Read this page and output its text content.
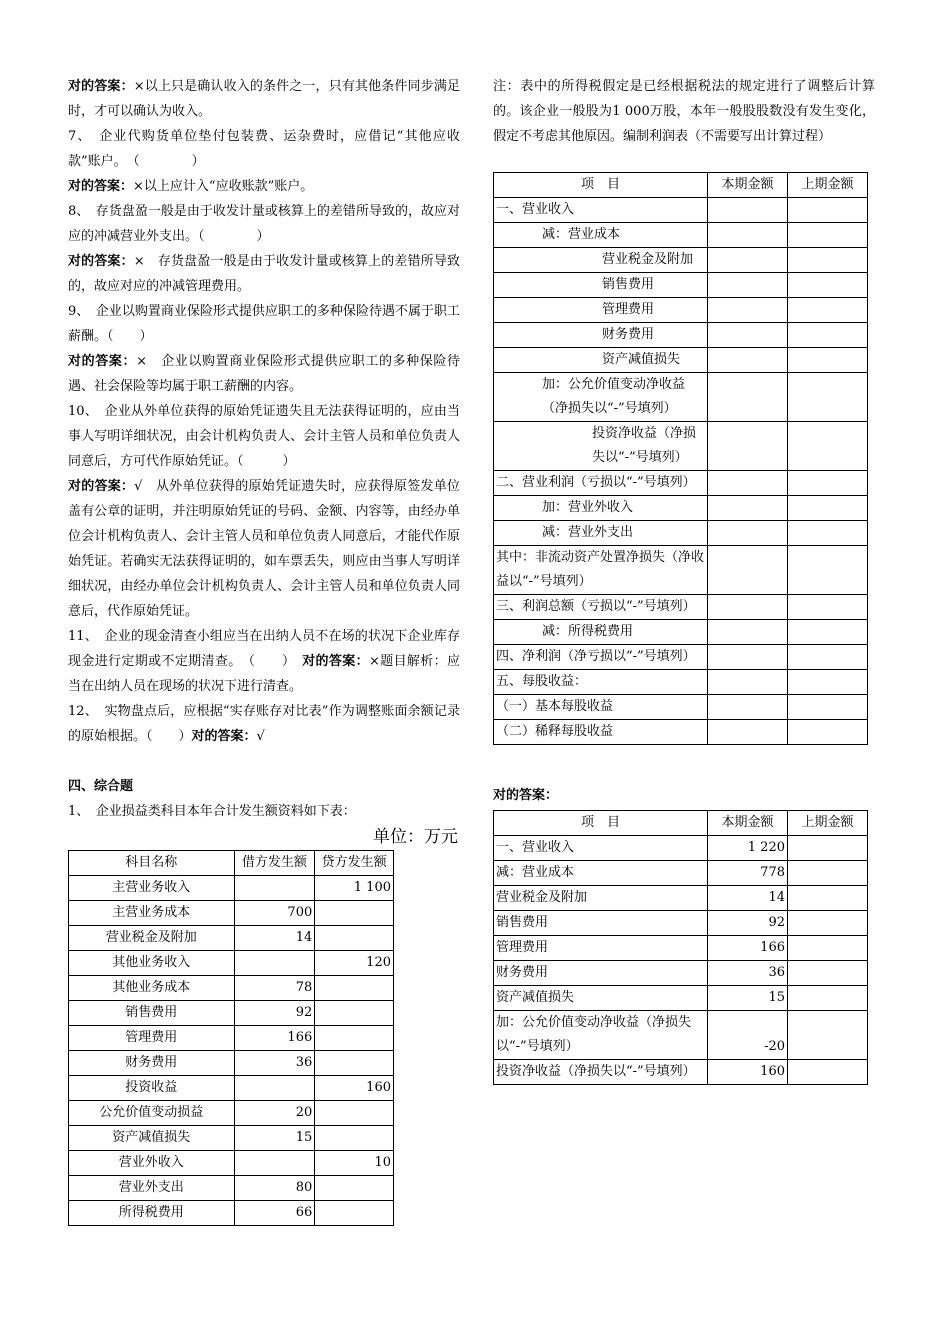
对的答案：×以上只是确认收入的条件之一，只有其他条件同步满足时，才可以确认为收入。

7、　企业代购货单位垫付包装费、运杂费时，应借记“其他应收款”账户。　（　　　　）

对的答案：×以上应计入“应收账款”账户。

8、　存货盘盈一般是由于收发计量或核算上的差错所导致的，故应对应的冲减营业外支出。（　　　　）

对的答案：×　存货盘盈一般是由于收发计量或核算上的差错所导致的，故应对应的冲减管理费用。

9、　企业以购置商业保险形式提供应职工的多种保险待遇不属于职工薪酬。（　　）

对的答案：×　企业以购置商业保险形式提供应职工的多种保险待遇、社会保险等均属于职工薪酬的内容。

10、　企业从外单位获得的原始凭证遗失且无法获得证明的，应由当事人写明详细状况，由会计机构负责人、会计主管人员和单位负责人同意后，方可代作原始凭证。（　　　）

对的答案：√　从外单位获得的原始凭证遗失时，应获得原签发单位盖有公章的证明，并注明原始凭证的号码、金额、内容等，由经办单位会计机构负责人、会计主管人员和单位负责人同意后，才能代作原始凭证。若确实无法获得证明的，如车票丢失，则应由当事人写明详细状况，由经办单位会计机构负责人、会计主管人员和单位负责人同意后，代作原始凭证。

11、　企业的现金清查小组应当在出纳人员不在场的状况下企业库存现金进行定期或不定期清查。　（　　）　对的答案：×题目解析：应当在出纳人员在现场的状况下进行清查。

12、　实物盘点后，应根据“实存账存对比表”作为调整账面余额记录的原始根据。（　　）对的答案：√

四、综合题

1、　企业损益类科目本年合计发生额资料如下表：

单位：万元

科目名称	借方发生额	贷方发生额
主营业务收入		1 100
主营业务成本	700	
营业税金及附加	14	
其他业务收入		120
其他业务成本	78	
销售费用	92	
管理费用	166	
财务费用	36	
投资收益		160
公允价值变动损益	20	
资产减值损失	15	
营业外收入		10
营业外支出	80	
所得税费用	66	

注：表中的所得税假定是已经根据税法的规定进行了调整后计算的。该企业一般股为1 000万股，本年一般股股数没有发生变化，假定不考虑其他原因。编制利润表（不需要写出计算过程）

项　目	本期金额	上期金额
一、营业收入		
减：营业成本		
营业税金及附加		
销售费用		
管理费用		
财务费用		
资产减值损失		
加：公允价值变动净收益（净损失以“-”号填列）		
投资净收益（净损失以“-”号填列）		
二、营业利润（亏损以“-”号填列）		
加：营业外收入		
减：营业外支出		
其中：非流动资产处置净损失（净收益以“-”号填列）		
三、利润总额（亏损以“-”号填列）		
减：所得税费用		
四、净利润（净亏损以“-”号填列）		
五、每股收益：		
（一）基本每股收益		
（二）稀释每股收益		

对的答案：

项　目	本期金额	上期金额
一、营业收入	1 220	
减：营业成本	778	
营业税金及附加	14	
销售费用	92	
管理费用	166	
财务费用	36	
资产减值损失	15	
加：公允价值变动净收益（净损失以“-”号填列）	-20	
投资净收益（净损失以“-”号填列）	160	
